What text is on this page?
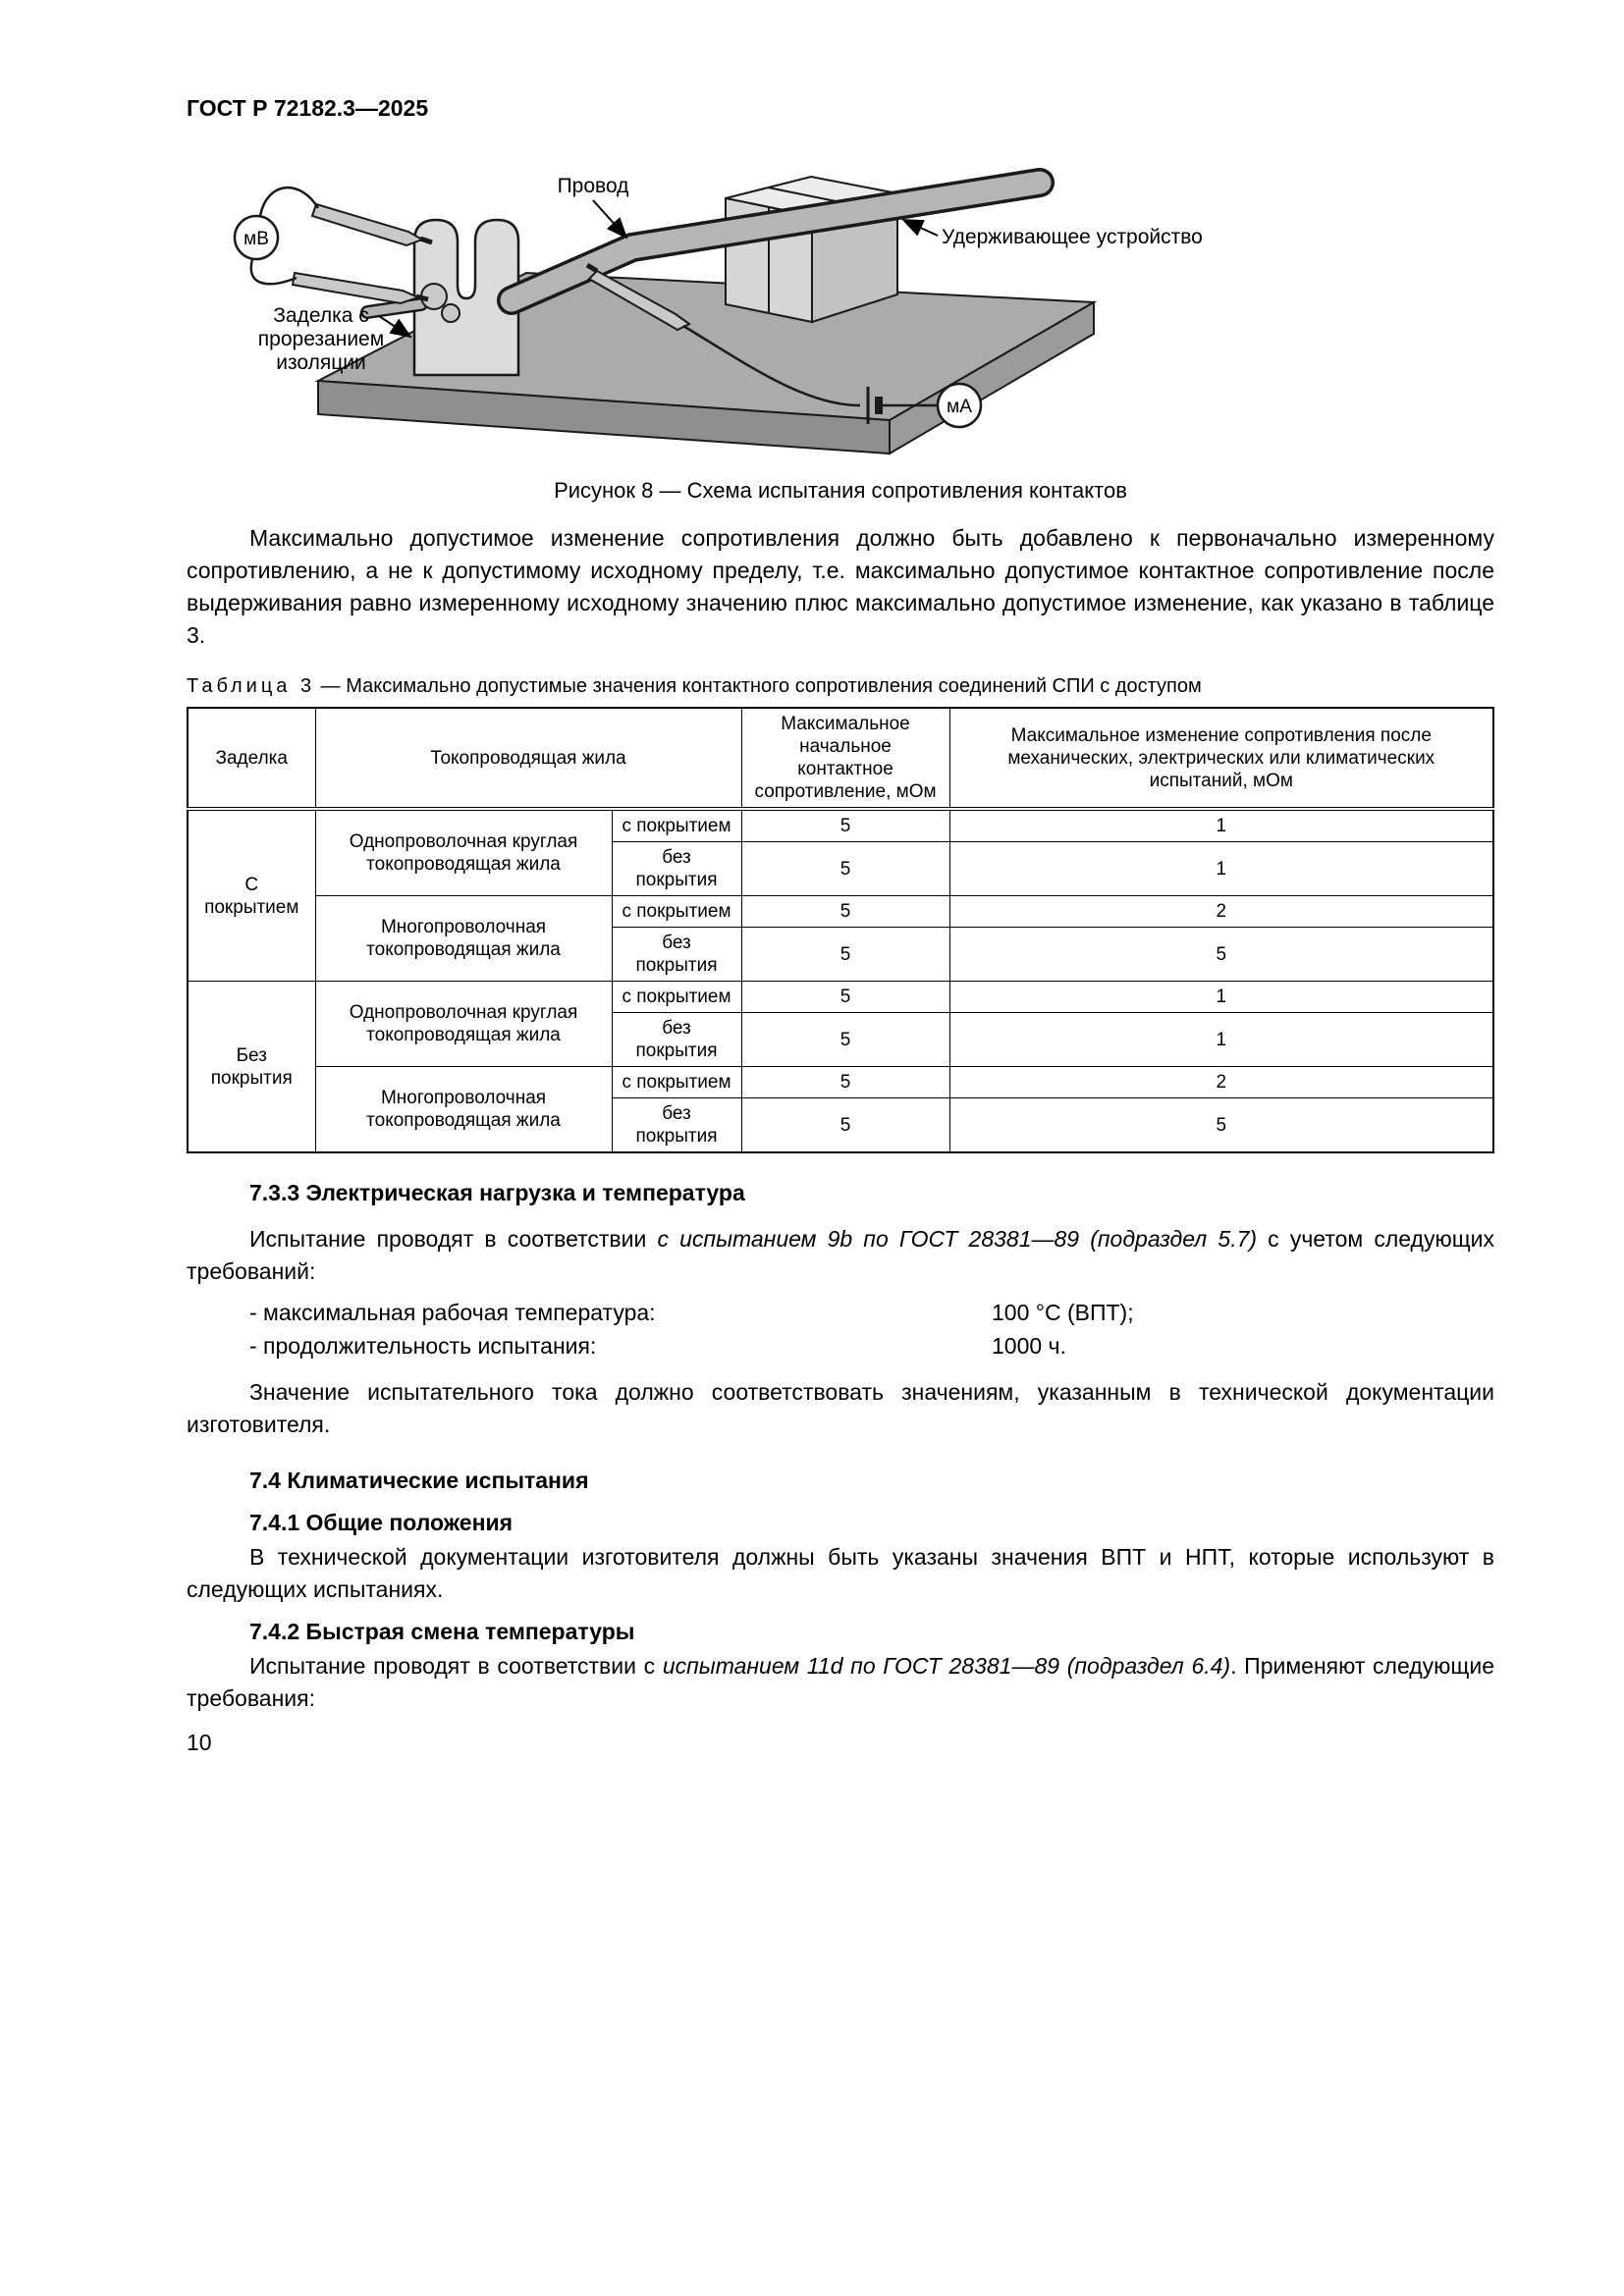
ГОСТ Р 72182.3—2025
мВ
мА
Провод
Удерживающее устройство
Заделка с
прорезанием
изоляции
Рисунок 8 — Схема испытания сопротивления контактов

Максимально допустимое изменение сопротивления должно быть добавлено к первоначально измеренному сопротивлению, а не к допустимому исходному пределу, т.е. максимально допустимое контактное сопротивление после выдерживания равно измеренному исходному значению плюс максимально допустимое изменение, как указано в таблице 3.

Таблица 3 — Максимально допустимые значения контактного сопротивления соединений СПИ с доступом
Заделка	Токопроводящая жила		Максимальное начальное контактное сопротивление, мОм	Максимальное изменение сопротивления после механических, электрических или климатических испытаний, мОм
С покрытием	Однопроволочная круглая токопроводящая жила	с покрытием	5	1
		без покрытия	5	1
	Многопроволочная токопроводящая жила	с покрытием	5	2
		без покрытия	5	5
Без покрытия	Однопроволочная круглая токопроводящая жила	с покрытием	5	1
		без покрытия	5	1
	Многопроволочная токопроводящая жила	с покрытием	5	2
		без покрытия	5	5
7.3.3 Электрическая нагрузка и температура

Испытание проводят в соответствии с испытанием 9b по ГОСТ 28381—89 (подраздел 5.7) с учетом следующих требований:

- максимальная рабочая температура:	100 °С (ВПТ);
- продолжительность испытания:	1000 ч.

Значение испытательного тока должно соответствовать значениям, указанным в технической документации изготовителя.

7.4 Климатические испытания
7.4.1 Общие положения

В технической документации изготовителя должны быть указаны значения ВПТ и НПТ, которые используют в следующих испытаниях.

7.4.2 Быстрая смена температуры

Испытание проводят в соответствии с испытанием 11d по ГОСТ 28381—89 (подраздел 6.4). Применяют следующие требования:

10
